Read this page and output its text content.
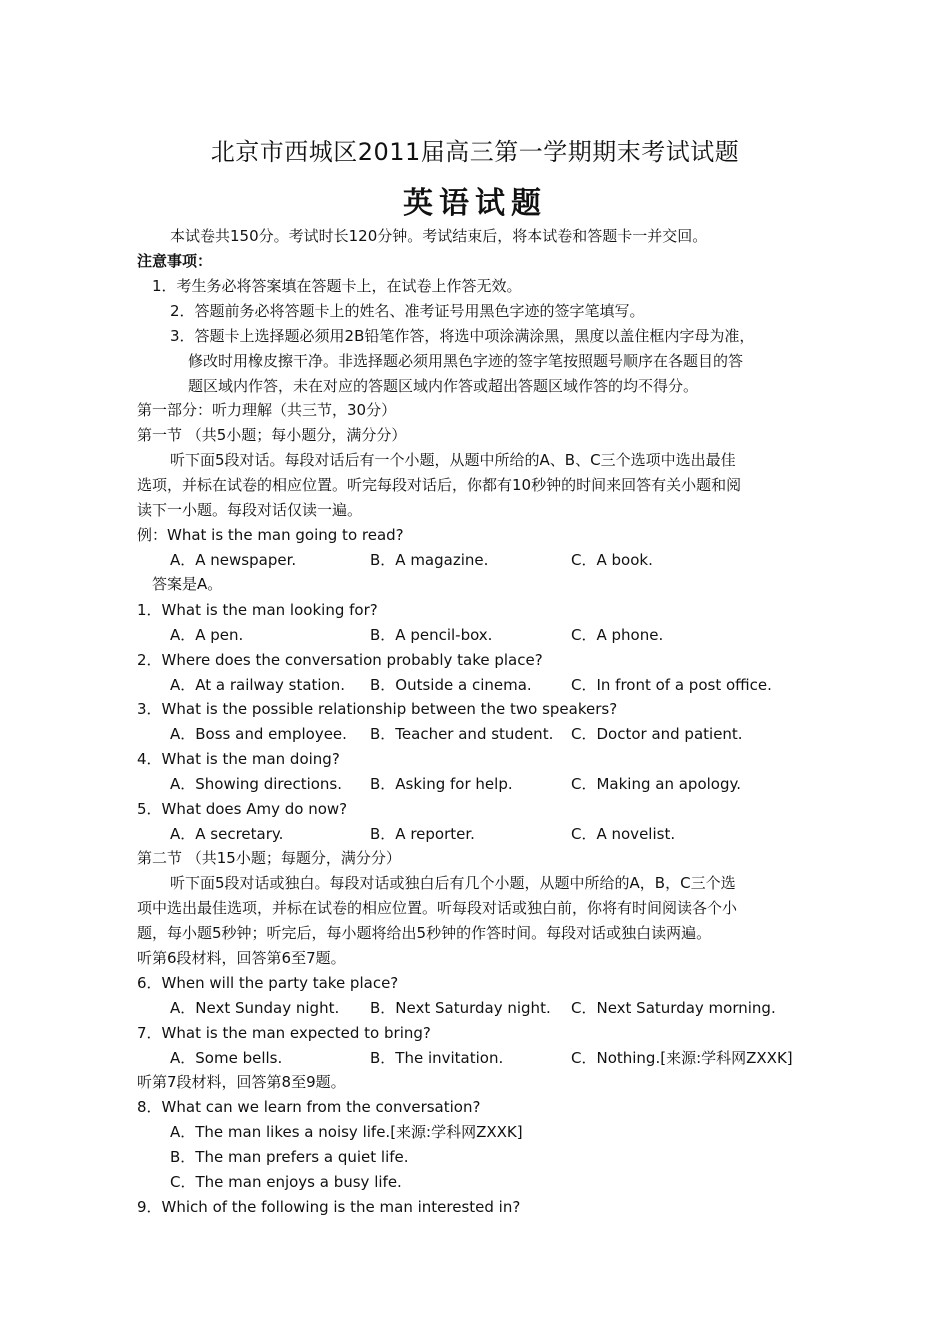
北京市西城区2011届高三第一学期期末考试试题
英语试题
本试卷共150分。考试时长120分钟。考试结束后，将本试卷和答题卡一并交回。
注意事项：
1．考生务必将答案填在答题卡上，在试卷上作答无效。
2．答题前务必将答题卡上的姓名、准考证号用黑色字迹的签字笔填写。
3．答题卡上选择题必须用2B铅笔作答，将选中项涂满涂黑，黑度以盖住框内字母为准，
修改时用橡皮擦干净。非选择题必须用黑色字迹的签字笔按照题号顺序在各题目的答
题区域内作答，未在对应的答题区域内作答或超出答题区域作答的均不得分。
第一部分：听力理解（共三节，30分）
第一节 （共5小题；每小题分，满分分）
听下面5段对话。每段对话后有一个小题，从题中所给的A、B、C三个选项中选出最佳
选项，并标在试卷的相应位置。听完每段对话后，你都有10秒钟的时间来回答有关小题和阅
读下一小题。每段对话仅读一遍。
例：What is the man going to read?
A．A newspaper.	B．A magazine.	C．A book.
答案是A。
1．What is the man looking for?
A．A pen.	B．A pencil-box.	C．A phone.
2．Where does the conversation probably take place?
A．At a railway station. B．Outside a cinema.	C．In front of a post office.
3．What is the possible relationship between the two speakers?
A．Boss and employee. B．Teacher and student. C．Doctor and patient.
4．What is the man doing?
A．Showing directions. B．Asking for help.	C．Making an apology.
5．What does Amy do now?
A．A secretary.	B．A reporter.	C．A novelist.
第二节 （共15小题；每题分，满分分）
听下面5段对话或独白。每段对话或独白后有几个小题，从题中所给的A，B，C三个选
项中选出最佳选项，并标在试卷的相应位置。听每段对话或独白前，你将有时间阅读各个小
题，每小题5秒钟；听完后，每小题将给出5秒钟的作答时间。每段对话或独白读两遍。
听第6段材料，回答第6至7题。
6．When will the party take place?
A．Next Sunday night. B．Next Saturday night. C．Next Saturday morning.
7．What is the man expected to bring?
A．Some bells.	B．The invitation.	C．Nothing.[来源:学科网ZXXK]
听第7段材料，回答第8至9题。
8．What can we learn from the conversation?
A．The man likes a noisy life.[来源:学科网ZXXK]
B．The man prefers a quiet life.
C．The man enjoys a busy life.
9．Which of the following is the man interested in?
